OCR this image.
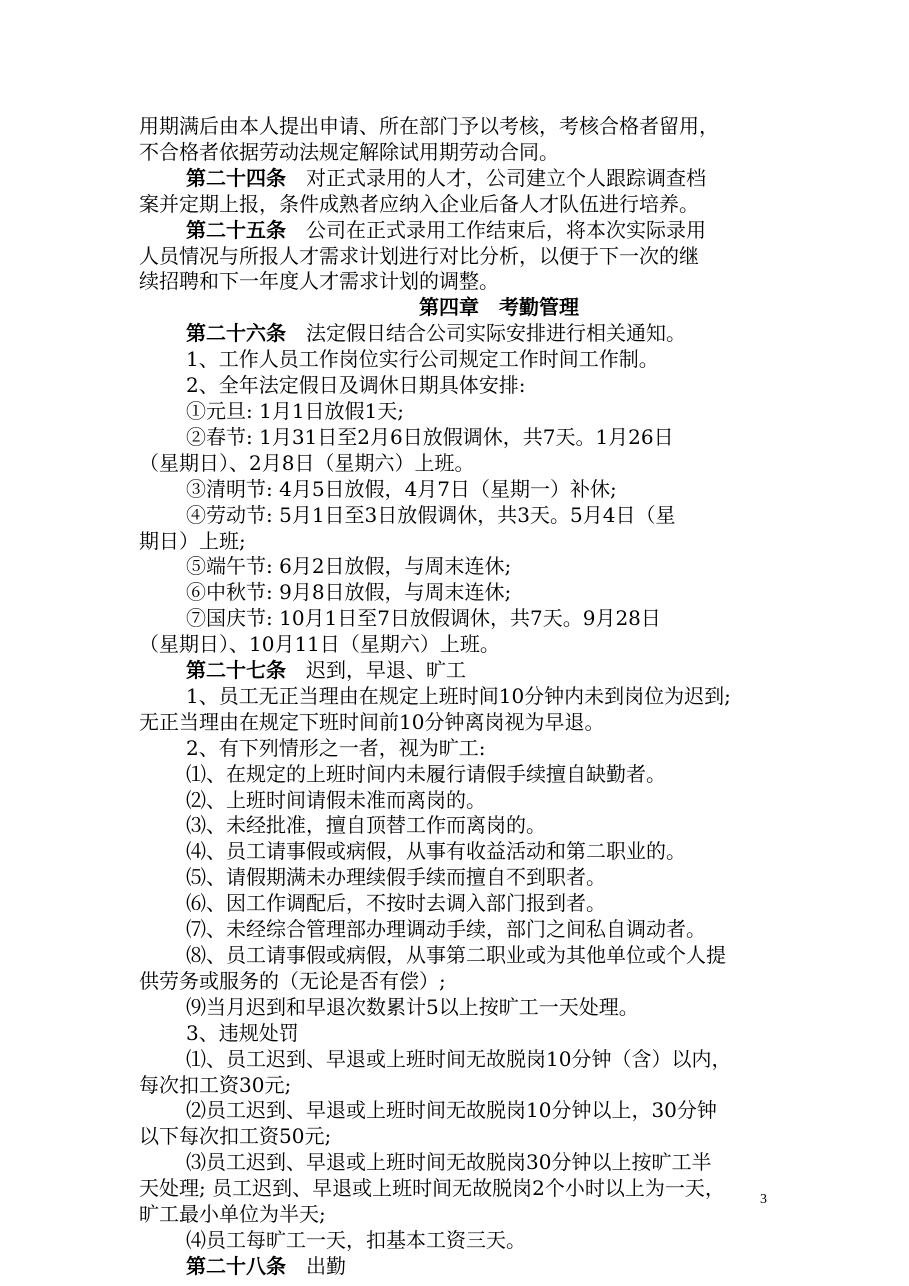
用期满后由本人提出申请、所在部门予以考核，考核合格者留用，

不合格者依据劳动法规定解除试用期劳动合同。

第二十四条　 对正式录用的人才，公司建立个人跟踪调查档

案并定期上报，条件成熟者应纳入企业后备人才队伍进行培养。

第二十五条　 公司在正式录用工作结束后，将本次实际录用

人员情况与所报人才需求计划进行对比分析，以便于下一次的继

续招聘和下一年度人才需求计划的调整。

第四章　考勤管理

第二十六条　 法定假日结合公司实际安排进行相关通知。

1、工作人员工作岗位实行公司规定工作时间工作制。

2、全年法定假日及调休日期具体安排:

①元旦: 1月1日放假1天;

②春节: 1月31日至2月6日放假调休，共7天。1月26日

（星期日）、2月8日（星期六）上班。

③清明节: 4月5日放假，4月7日（星期一）补休;

④劳动节: 5月1日至3日放假调休，共3天。5月4日（星

期日）上班;

⑤端午节: 6月2日放假，与周末连休;

⑥中秋节: 9月8日放假，与周末连休;

⑦国庆节: 10月1日至7日放假调休，共7天。9月28日

（星期日）、10月11日（星期六）上班。

第二十七条　 迟到，早退、旷工

1、员工无正当理由在规定上班时间10分钟内未到岗位为迟到;

无正当理由在规定下班时间前10分钟离岗视为早退。

2、有下列情形之一者，视为旷工:

⑴、在规定的上班时间内未履行请假手续擅自缺勤者。

⑵、上班时间请假未准而离岗的。

⑶、未经批准，擅自顶替工作而离岗的。

⑷、员工请事假或病假，从事有收益活动和第二职业的。

⑸、请假期满未办理续假手续而擅自不到职者。

⑹、因工作调配后，不按时去调入部门报到者。

⑺、未经综合管理部办理调动手续，部门之间私自调动者。

⑻、员工请事假或病假，从事第二职业或为其他单位或个人提

供劳务或服务的（无论是否有偿）;

⑼当月迟到和早退次数累计5以上按旷工一天处理。

3、违规处罚

⑴、员工迟到、早退或上班时间无故脱岗10分钟（含）以内，

每次扣工资30元;

⑵员工迟到、早退或上班时间无故脱岗10分钟以上，30分钟

以下每次扣工资50元;

⑶员工迟到、早退或上班时间无故脱岗30分钟以上按旷工半

天处理; 员工迟到、早退或上班时间无故脱岗2个小时以上为一天，

旷工最小单位为半天;

⑷员工每旷工一天，扣基本工资三天。

第二十八条　 出勤

3
